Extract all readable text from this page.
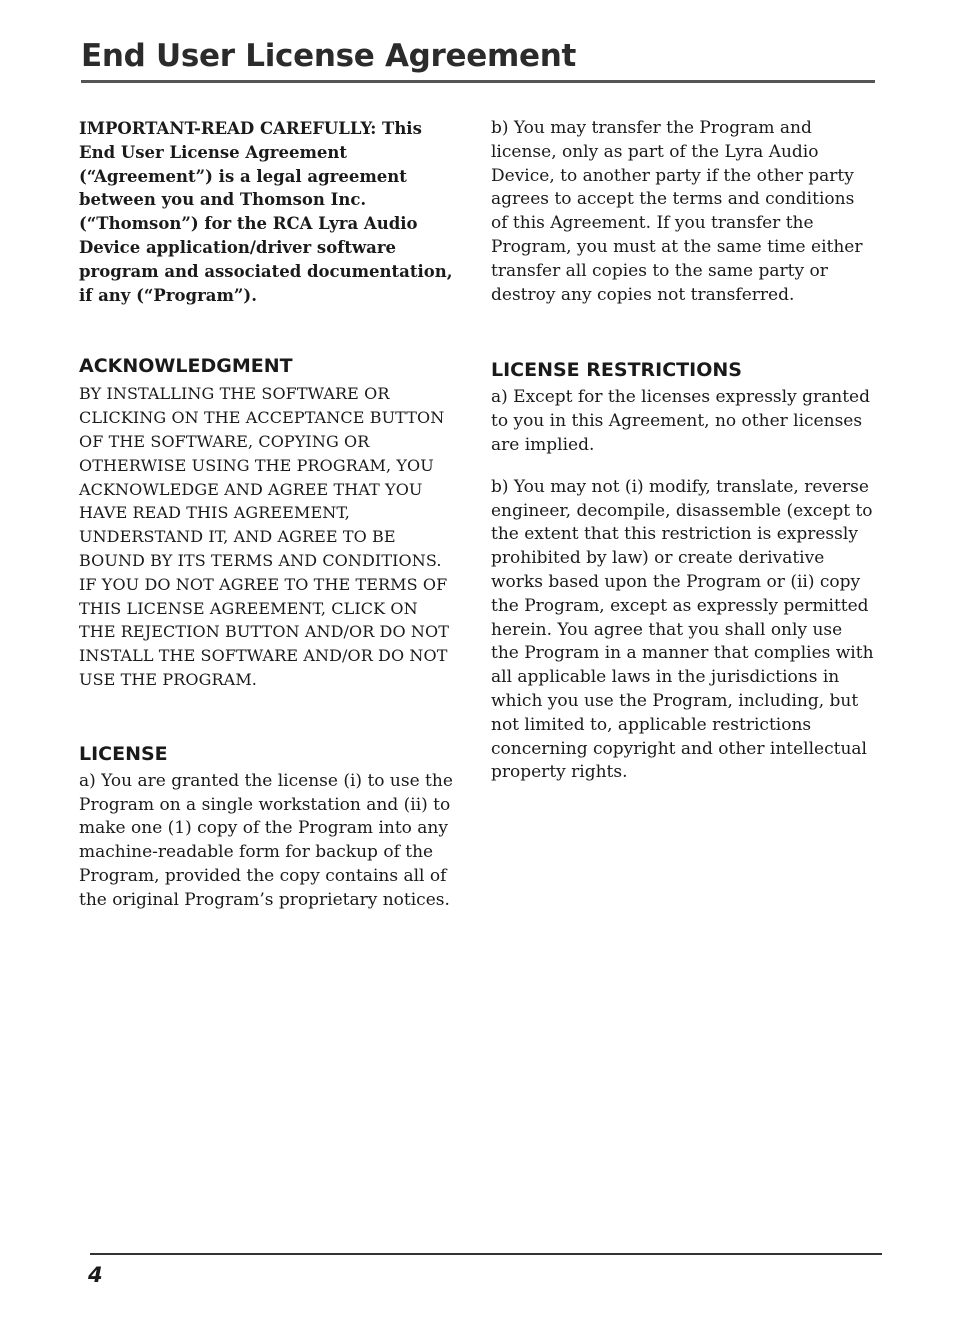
End User License Agreement

IMPORTANT-READ CAREFULLY: This End User License Agreement (“Agreement”) is a legal agreement between you and Thomson Inc. (“Thomson”) for the RCA Lyra Audio Device application/driver software program and associated documentation, if any (“Program”).

ACKNOWLEDGMENT

BY INSTALLING THE SOFTWARE OR CLICKING ON THE ACCEPTANCE BUTTON OF THE SOFTWARE, COPYING OR OTHERWISE USING THE PROGRAM, YOU ACKNOWLEDGE AND AGREE THAT YOU HAVE READ THIS AGREEMENT, UNDERSTAND IT, AND AGREE TO BE BOUND BY ITS TERMS AND CONDITIONS. IF YOU DO NOT AGREE TO THE TERMS OF THIS LICENSE AGREEMENT, CLICK ON THE REJECTION BUTTON AND/OR DO NOT INSTALL THE SOFTWARE AND/OR DO NOT USE THE PROGRAM.

LICENSE

a) You are granted the license (i) to use the Program on a single workstation and (ii) to make one (1) copy of the Program into any machine-readable form for backup of the Program, provided the copy contains all of the original Program’s proprietary notices.

b) You may transfer the Program and license, only as part of the Lyra Audio Device, to another party if the other party agrees to accept the terms and conditions of this Agreement. If you transfer the Program, you must at the same time either transfer all copies to the same party or destroy any copies not transferred.

LICENSE RESTRICTIONS

a) Except for the licenses expressly granted to you in this Agreement, no other licenses are implied.

b) You may not (i) modify, translate, reverse engineer, decompile, disassemble (except to the extent that this restriction is expressly prohibited by law) or create derivative works based upon the Program or (ii) copy the Program, except as expressly permitted herein. You agree that you shall only use the Program in a manner that complies with all applicable laws in the jurisdictions in which you use the Program, including, but not limited to, applicable restrictions concerning copyright and other intellectual property rights.

4
